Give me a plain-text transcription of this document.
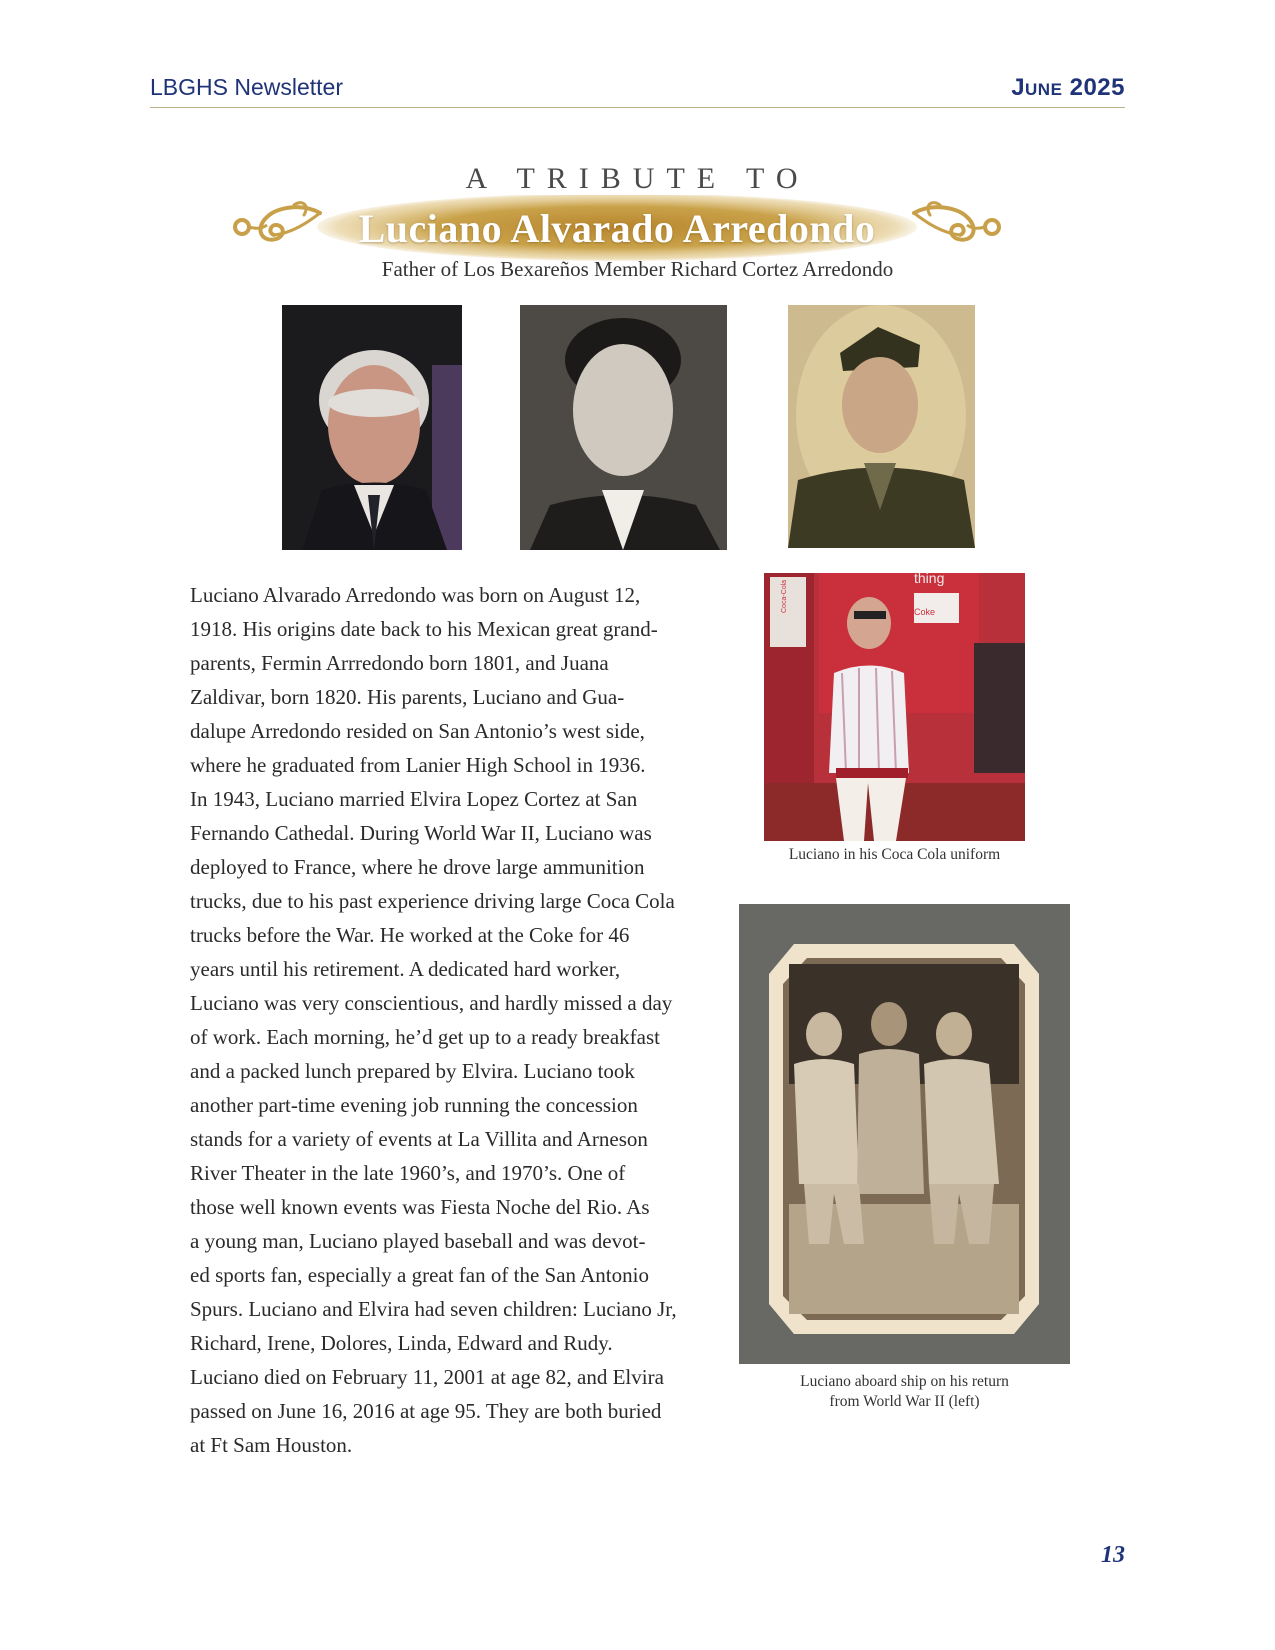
LBGHS Newsletter	June 2025
A TRIBUTE TO
Luciano Alvarado Arredondo
Father of Los Bexareños Member Richard Cortez Arredondo
Luciano Alvarado Arredondo was born on August 12,
1918. His origins date back to his Mexican great grand-
parents, Fermin Arrredondo born 1801, and Juana
Zaldivar, born 1820. His parents, Luciano and Gua-
dalupe Arredondo resided on San Antonio’s west side,
where he graduated from Lanier High School in 1936.
In 1943, Luciano married Elvira Lopez Cortez at San
Fernando Cathedal. During World War II, Luciano was
deployed to France, where he drove large ammunition
trucks, due to his past experience driving large Coca Cola
trucks before the War. He worked at the Coke for 46
years until his retirement. A dedicated hard worker,
Luciano was very conscientious, and hardly missed a day
of work. Each morning, he’d get up to a ready breakfast
and a packed lunch prepared by Elvira. Luciano took
another part-time evening job running the concession
stands for a variety of events at La Villita and Arneson
River Theater in the late 1960’s, and 1970’s. One of
those well known events was Fiesta Noche del Rio. As
a young man, Luciano played baseball and was devot-
ed sports fan, especially a great fan of the San Antonio
Spurs. Luciano and Elvira had seven children: Luciano Jr,
Richard, Irene, Dolores, Linda, Edward and Rudy.
Luciano died on February 11, 2001 at age 82, and Elvira
passed on June 16, 2016 at age 95. They are both buried
at Ft Sam Houston.
Coke
Coca-Cola
thing
Luciano in his Coca Cola uniform
Luciano aboard ship on his return
from World War II (left)
13
